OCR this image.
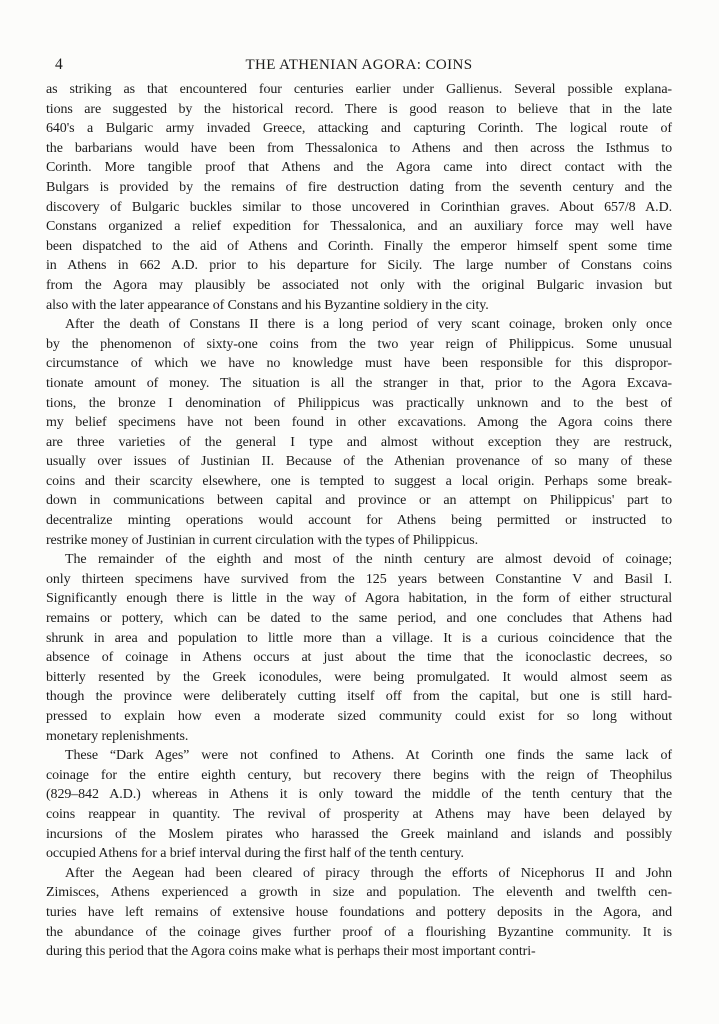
4	THE ATHENIAN AGORA: COINS
as striking as that encountered four centuries earlier under Gallienus. Several possible explana-
tions are suggested by the historical record. There is good reason to believe that in the late
640's a Bulgaric army invaded Greece, attacking and capturing Corinth. The logical route of
the barbarians would have been from Thessalonica to Athens and then across the Isthmus to
Corinth. More tangible proof that Athens and the Agora came into direct contact with the
Bulgars is provided by the remains of fire destruction dating from the seventh century and the
discovery of Bulgaric buckles similar to those uncovered in Corinthian graves. About 657/8 A.D.
Constans organized a relief expedition for Thessalonica, and an auxiliary force may well have
been dispatched to the aid of Athens and Corinth. Finally the emperor himself spent some time
in Athens in 662 A.D. prior to his departure for Sicily. The large number of Constans coins
from the Agora may plausibly be associated not only with the original Bulgaric invasion but
also with the later appearance of Constans and his Byzantine soldiery in the city.
After the death of Constans II there is a long period of very scant coinage, broken only once
by the phenomenon of sixty-one coins from the two year reign of Philippicus. Some unusual
circumstance of which we have no knowledge must have been responsible for this dispropor-
tionate amount of money. The situation is all the stranger in that, prior to the Agora Excava-
tions, the bronze I denomination of Philippicus was practically unknown and to the best of
my belief specimens have not been found in other excavations. Among the Agora coins there
are three varieties of the general I type and almost without exception they are restruck,
usually over issues of Justinian II. Because of the Athenian provenance of so many of these
coins and their scarcity elsewhere, one is tempted to suggest a local origin. Perhaps some break-
down in communications between capital and province or an attempt on Philippicus' part to
decentralize minting operations would account for Athens being permitted or instructed to
restrike money of Justinian in current circulation with the types of Philippicus.
The remainder of the eighth and most of the ninth century are almost devoid of coinage;
only thirteen specimens have survived from the 125 years between Constantine V and Basil I.
Significantly enough there is little in the way of Agora habitation, in the form of either structural
remains or pottery, which can be dated to the same period, and one concludes that Athens had
shrunk in area and population to little more than a village. It is a curious coincidence that the
absence of coinage in Athens occurs at just about the time that the iconoclastic decrees, so
bitterly resented by the Greek iconodules, were being promulgated. It would almost seem as
though the province were deliberately cutting itself off from the capital, but one is still hard-
pressed to explain how even a moderate sized community could exist for so long without
monetary replenishments.
These “Dark Ages” were not confined to Athens. At Corinth one finds the same lack of
coinage for the entire eighth century, but recovery there begins with the reign of Theophilus
(829–842 A.D.) whereas in Athens it is only toward the middle of the tenth century that the
coins reappear in quantity. The revival of prosperity at Athens may have been delayed by
incursions of the Moslem pirates who harassed the Greek mainland and islands and possibly
occupied Athens for a brief interval during the first half of the tenth century.
After the Aegean had been cleared of piracy through the efforts of Nicephorus II and John
Zimisces, Athens experienced a growth in size and population. The eleventh and twelfth cen-
turies have left remains of extensive house foundations and pottery deposits in the Agora, and
the abundance of the coinage gives further proof of a flourishing Byzantine community. It is
during this period that the Agora coins make what is perhaps their most important contri-
